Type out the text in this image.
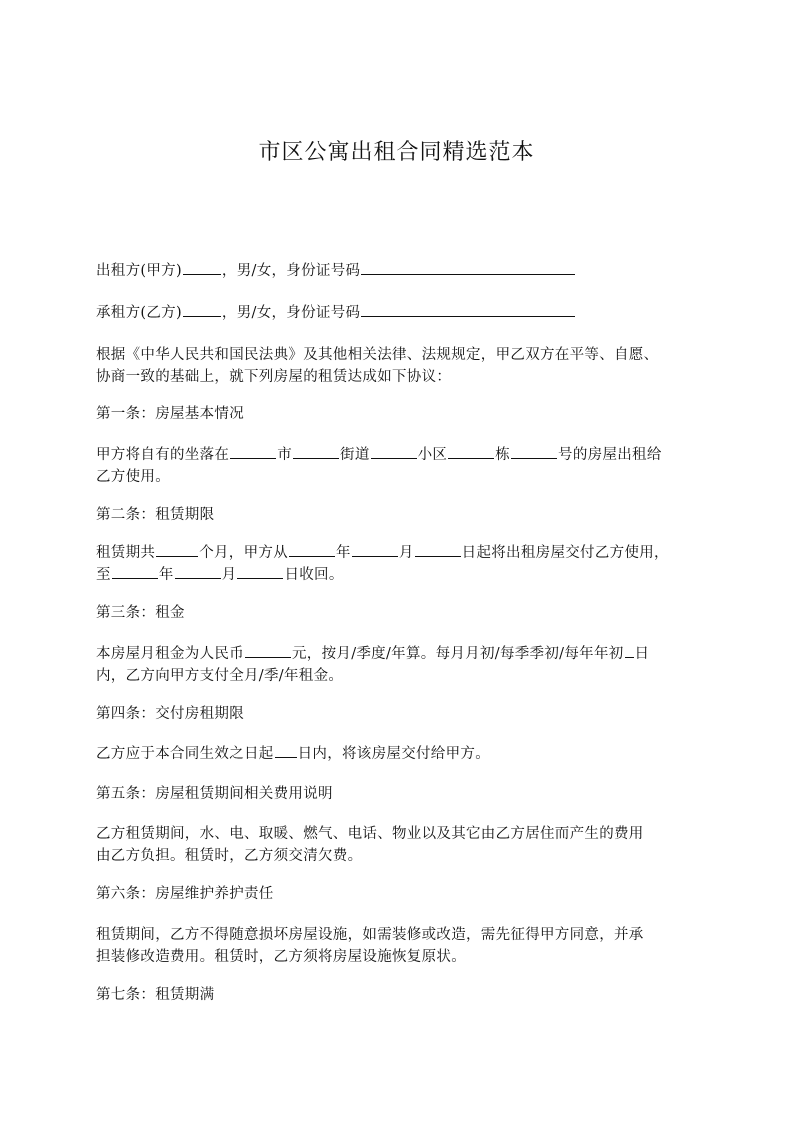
市区公寓出租合同精选范本
出租方(甲方)	，男/女，身份证号码
承租方(乙方)	，男/女，身份证号码
根据《中华人民共和国民法典》及其他相关法律、法规规定，甲乙双方在平等、自愿、
协商一致的基础上，就下列房屋的租赁达成如下协议：
第一条：房屋基本情况
甲方将自有的坐落在	市	街道	小区	栋	号的房屋出租给
乙方使用。
第二条：租赁期限
租赁期共	个月，甲方从	年	月	日起将出租房屋交付乙方使用，
至	年	月	日收回。
第三条：租金
本房屋月租金为人民币	元，按月/季度/年算。每月月初/每季季初/每年年初 日
内，乙方向甲方支付全月/季/年租金。
第四条：交付房租期限
乙方应于本合同生效之日起 日内，将该房屋交付给甲方。
第五条：房屋租赁期间相关费用说明
乙方租赁期间，水、电、取暖、燃气、电话、物业以及其它由乙方居住而产生的费用
由乙方负担。租赁时，乙方须交清欠费。
第六条：房屋维护养护责任
租赁期间，乙方不得随意损坏房屋设施，如需装修或改造，需先征得甲方同意，并承
担装修改造费用。租赁时，乙方须将房屋设施恢复原状。
第七条：租赁期满
